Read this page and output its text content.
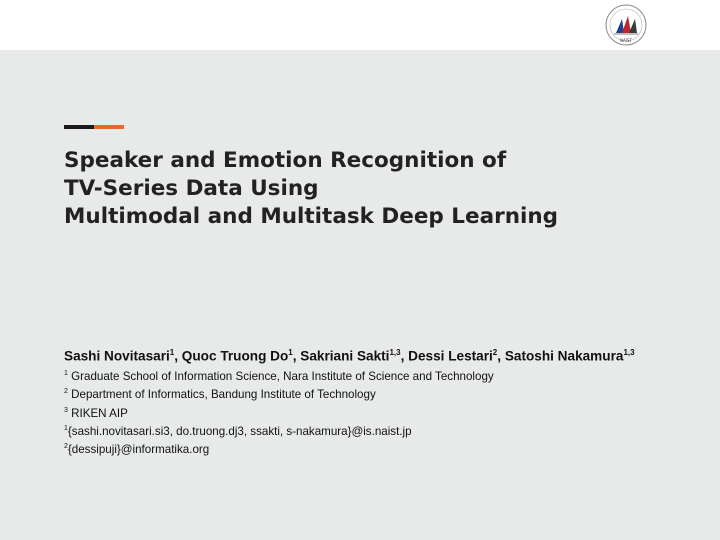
NAIST
Speaker and Emotion Recognition of
TV-Series Data Using
Multimodal and Multitask Deep Learning
Sashi Novitasari$^1$, Quoc Truong Do$^1$, Sakriani Sakti$^{1,3}$, Dessi Lestari$^2$, Satoshi Nakamura$^{1,3}$
$^1$ Graduate School of Information Science, Nara Institute of Science and Technology
$^2$ Department of Informatics, Bandung Institute of Technology
$^3$ RIKEN AIP
$^1${sashi.novitasari.si3, do.truong.dj3, ssakti, s-nakamura}@is.naist.jp
$^2${dessipuji}@informatika.org
